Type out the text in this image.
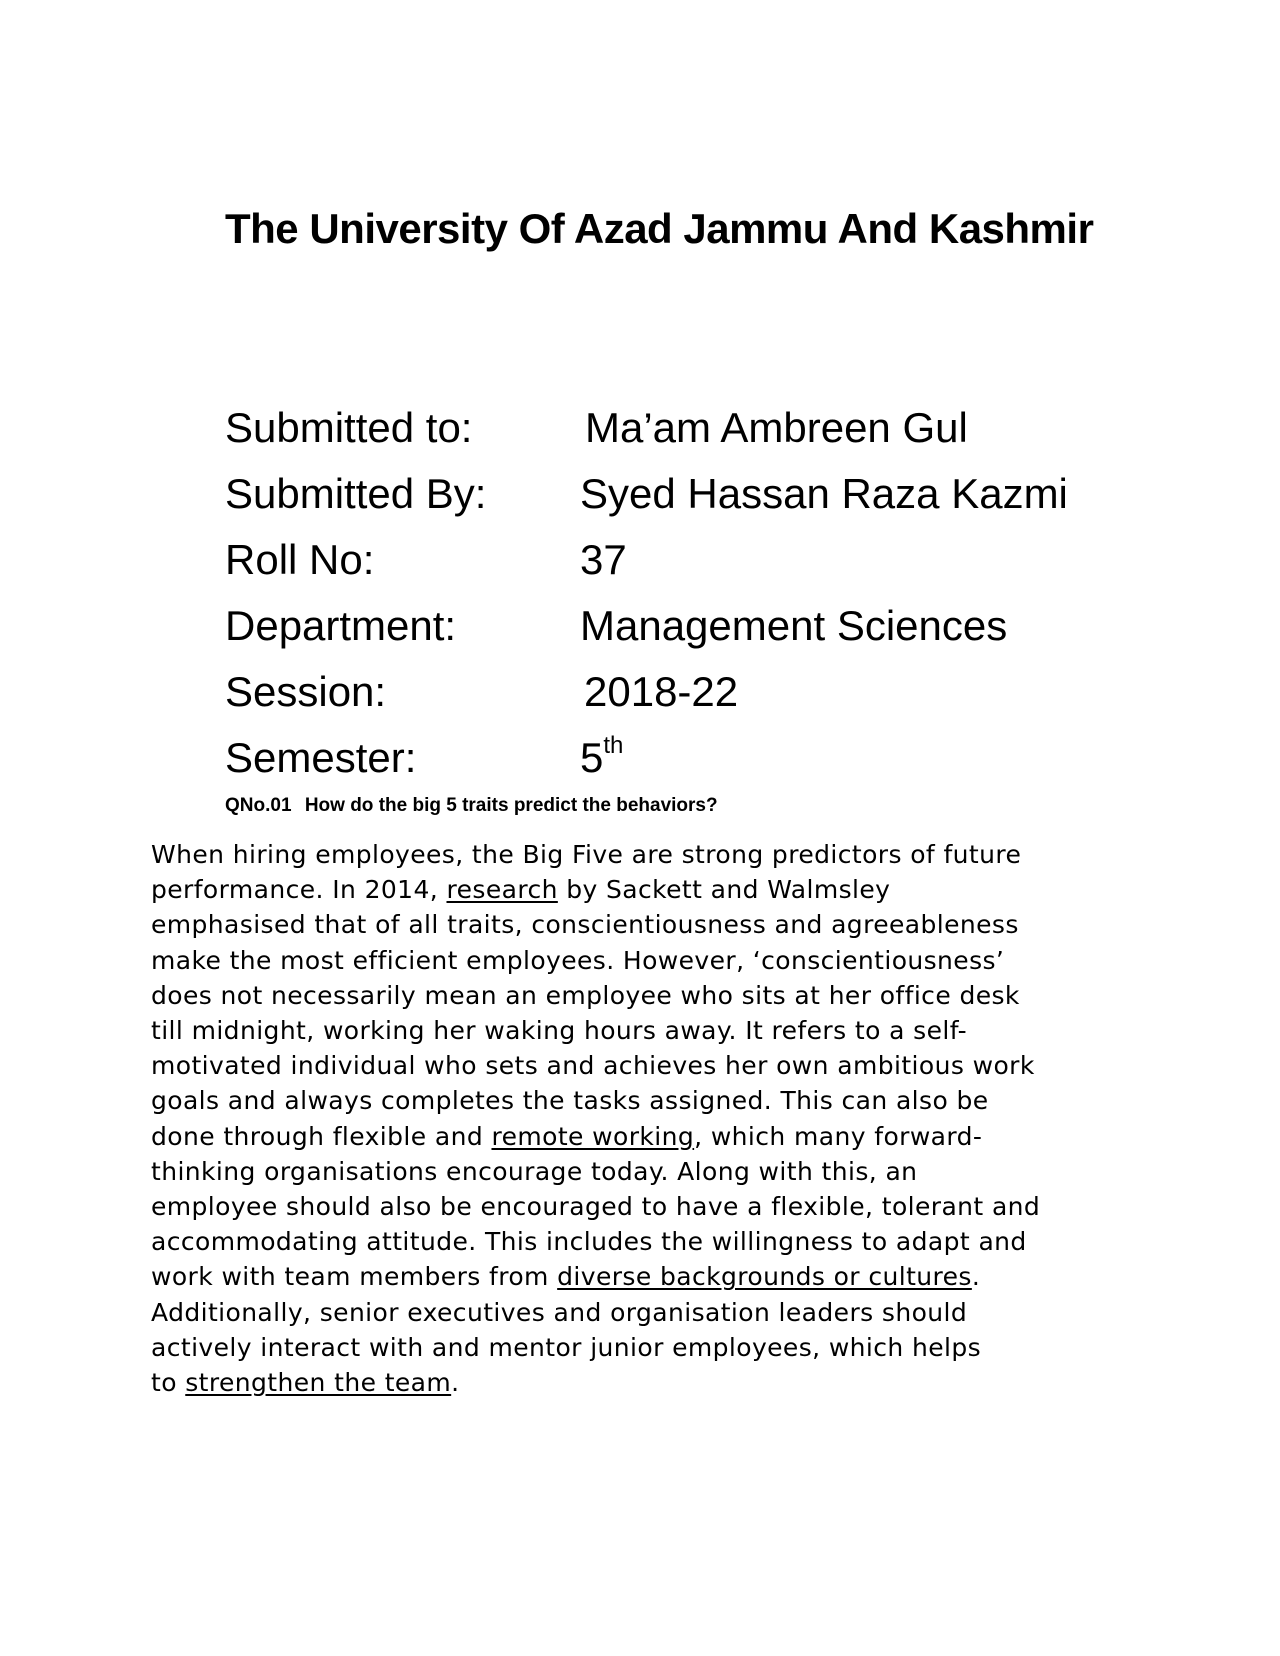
The University Of Azad Jammu And Kashmir
Submitted to:	Ma’am Ambreen Gul
Submitted By: Syed Hassan Raza Kazmi
Roll No:	37
Department:	Management Sciences
Session:	2018-22
Semester:	5th
QNo.01 How do the big 5 traits predict the behaviors?
When hiring employees, the Big Five are strong predictors of future
performance. In 2014, research by Sackett and Walmsley
emphasised that of all traits, conscientiousness and agreeableness
make the most efficient employees. However, ‘conscientiousness’
does not necessarily mean an employee who sits at her office desk
till midnight, working her waking hours away. It refers to a self-
motivated individual who sets and achieves her own ambitious work
goals and always completes the tasks assigned. This can also be
done through flexible and remote working, which many forward-
thinking organisations encourage today. Along with this, an
employee should also be encouraged to have a flexible, tolerant and
accommodating attitude. This includes the willingness to adapt and
work with team members from diverse backgrounds or cultures.
Additionally, senior executives and organisation leaders should
actively interact with and mentor junior employees, which helps
to strengthen the team.
